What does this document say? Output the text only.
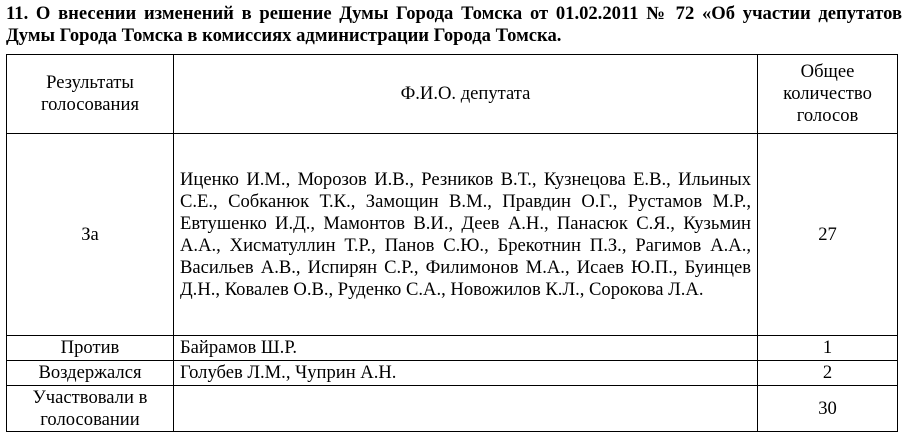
11. О внесении изменений в решение Думы Города Томска от 01.02.2011 № 72 «Об участии депутатов Думы Города Томска в комиссиях администрации Города Томска.

Результаты голосования	Ф.И.О. депутата	Общее количество голосов
За	Иценко И.М., Морозов И.В., Резников В.Т., Кузнецова Е.В., Ильиных С.Е., Собканюк Т.К., Замощин В.М., Правдин О.Г., Рустамов М.Р., Евтушенко И.Д., Мамонтов В.И., Деев А.Н., Панасюк С.Я., Кузьмин А.А., Хисматуллин Т.Р., Панов С.Ю., Брекотнин П.З., Рагимов А.А., Васильев А.В., Испирян С.Р., Филимонов М.А., Исаев Ю.П., Буинцев Д.Н., Ковалев О.В., Руденко С.А., Новожилов К.Л., Сорокова Л.А.	27
Против	Байрамов Ш.Р.	1
Воздержался	Голубев Л.М., Чуприн А.Н.	2
Участвовали в голосовании		30
